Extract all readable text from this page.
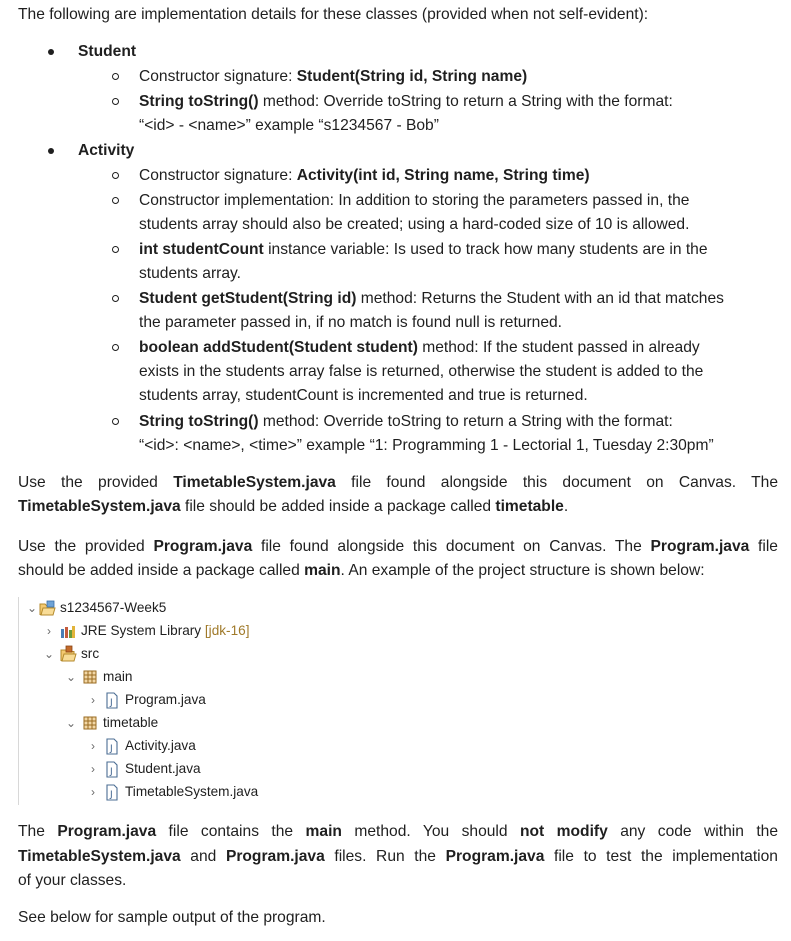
The following are implementation details for these classes (provided when not self-evident):
Student
Constructor signature: Student(String id, String name)
String toString() method: Override toString to return a String with the format:
“<id> - <name>” example “s1234567 - Bob”
Activity
Constructor signature: Activity(int id, String name, String time)
Constructor implementation: In addition to storing the parameters passed in, the
students array should also be created; using a hard-coded size of 10 is allowed.
int studentCount instance variable: Is used to track how many students are in the
students array.
Student getStudent(String id) method: Returns the Student with an id that matches
the parameter passed in, if no match is found null is returned.
boolean addStudent(Student student) method: If the student passed in already
exists in the students array false is returned, otherwise the student is added to the
students array, studentCount is incremented and true is returned.
String toString() method: Override toString to return a String with the format:
“<id>: <name>, <time>” example “1: Programming 1 - Lectorial 1, Tuesday 2:30pm”
Use the provided TimetableSystem.java file found alongside this document on Canvas. The
TimetableSystem.java file should be added inside a package called timetable.
Use the provided Program.java file found alongside this document on Canvas. The Program.java file
should be added inside a package called main. An example of the project structure is shown below:
⌄ s1234567-Week5
› JRE System Library [jdk-16]
⌄ src
⌄ main
›	J Program.java
⌄ timetable
›	J Activity.java
›	J Student.java
›	J TimetableSystem.java
The Program.java file contains the main method. You should not modify any code within the
TimetableSystem.java and Program.java files. Run the Program.java file to test the implementation
of your classes.
See below for sample output of the program.
